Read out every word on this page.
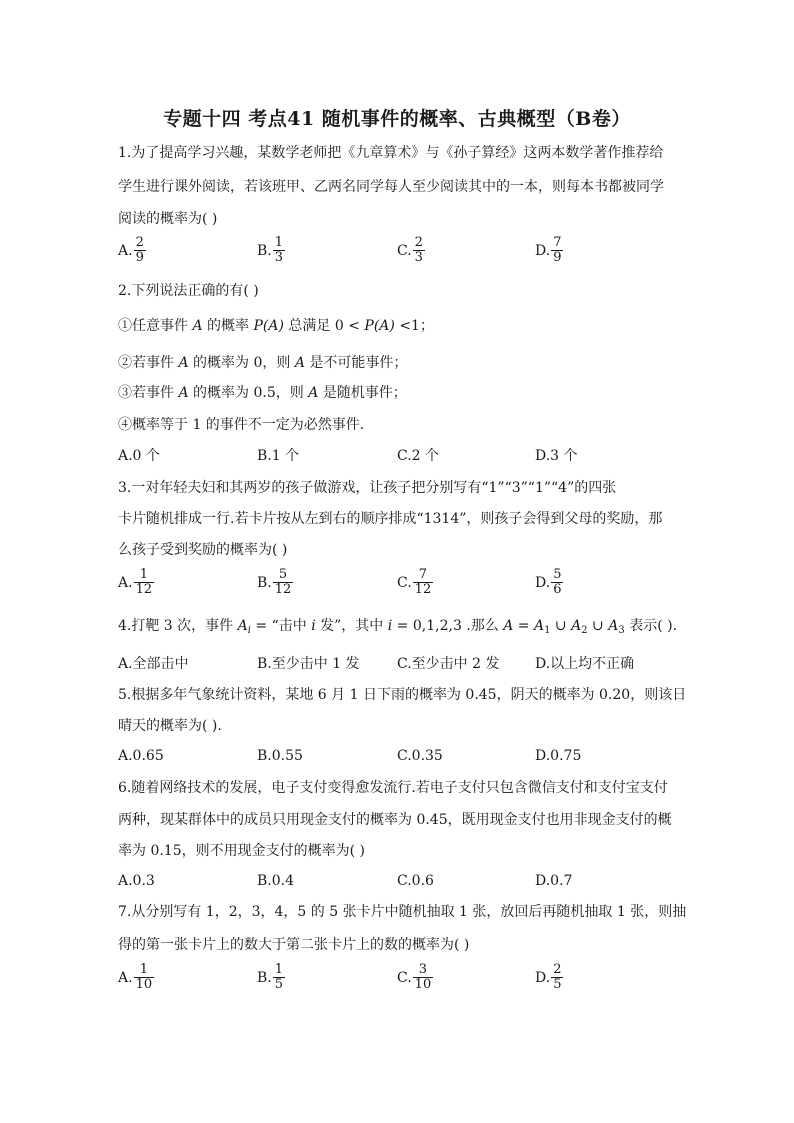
专题十四 考点41 随机事件的概率、古典概型（B卷）
1.为了提高学习兴趣，某数学老师把《九章算术》与《孙子算经》这两本数学著作推荐给
学生进行课外阅读，若该班甲、乙两名同学每人至少阅读其中的一本，则每本书都被同学
阅读的概率为( )
A. $\frac{2}{9}$	B. $\frac{1}{3}$	C. $\frac{2}{3}$	D. $\frac{7}{9}$
2.下列说法正确的有( )
①任意事件 A 的概率 P(A) 总满足 0 < P(A) <1；
②若事件 A 的概率为 0，则 A 是不可能事件；
③若事件 A 的概率为 0.5，则 A 是随机事件；
④概率等于 1 的事件不一定为必然事件.
A.0 个	B.1 个	C.2 个	D.3 个
3.一对年轻夫妇和其两岁的孩子做游戏，让孩子把分别写有“1”“3”“1”“4”的四张
卡片随机排成一行.若卡片按从左到右的顺序排成“1314”，则孩子会得到父母的奖励，那
么孩子受到奖励的概率为( )
A. $\frac{1}{12}$	B. $\frac{5}{12}$	C. $\frac{7}{12}$	D. $\frac{5}{6}$
4.打靶 3 次，事件 $A_i$ = “击中 i 发”，其中 i = 0,1,2,3 .那么 $A = A_1$ ∪ $A_2$ ∪ $A_3$ 表示( ).
A.全部击中	B.至少击中 1 发	C.至少击中 2 发	D.以上均不正确
5.根据多年气象统计资料，某地 6 月 1 日下雨的概率为 0.45，阴天的概率为 0.20，则该日
晴天的概率为( ).
A.0.65	B.0.55	C.0.35	D.0.75
6.随着网络技术的发展，电子支付变得愈发流行.若电子支付只包含微信支付和支付宝支付
两种，现某群体中的成员只用现金支付的概率为 0.45，既用现金支付也用非现金支付的概
率为 0.15，则不用现金支付的概率为( )
A.0.3	B.0.4	C.0.6	D.0.7
7.从分别写有 1，2，3，4，5 的 5 张卡片中随机抽取 1 张，放回后再随机抽取 1 张，则抽
得的第一张卡片上的数大于第二张卡片上的数的概率为( )
A. $\frac{1}{10}$	B. $\frac{1}{5}$	C. $\frac{3}{10}$	D. $\frac{2}{5}$
